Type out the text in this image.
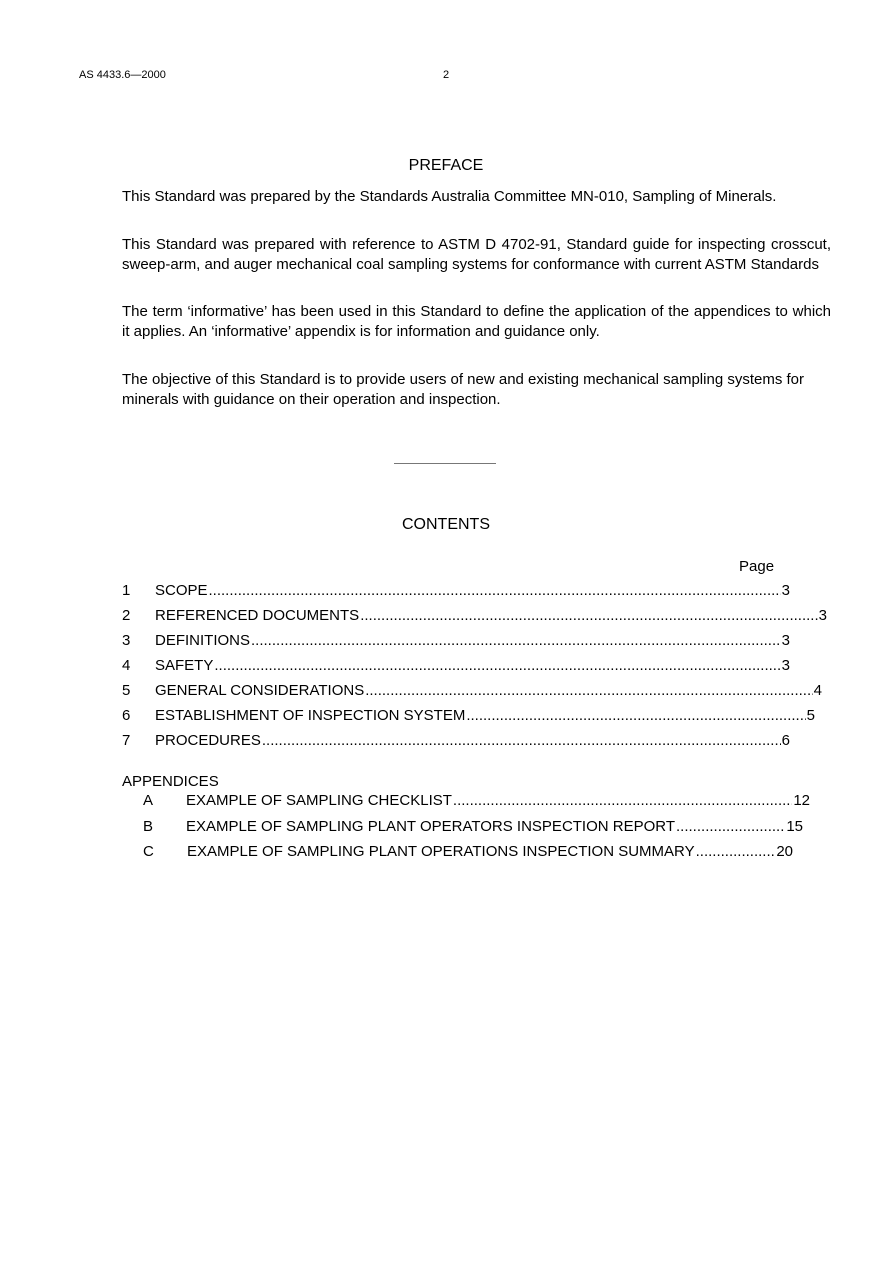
AS 4433.6—2000	2
PREFACE
This Standard was prepared by the Standards Australia Committee MN-010, Sampling of Minerals.
This Standard was prepared with reference to ASTM D 4702-91, Standard guide for inspecting crosscut, sweep-arm, and auger mechanical coal sampling systems for conformance with current ASTM Standards
The term ‘informative’ has been used in this Standard to define the application of the appendices to which it applies. An ‘informative’ appendix is for information and guidance only.
The objective of this Standard is to provide users of new and existing mechanical sampling systems for minerals with guidance on their operation and inspection.
CONTENTS
Page
1	SCOPE .....	3
2	REFERENCED DOCUMENTS .....	3
3	DEFINITIONS .....	3
4	SAFETY .....	3
5	GENERAL CONSIDERATIONS .....	4
6	ESTABLISHMENT OF INSPECTION SYSTEM .....	5
7	PROCEDURES .....	6
APPENDICES
A	EXAMPLE OF SAMPLING CHECKLIST .....	12
B	EXAMPLE OF SAMPLING PLANT OPERATORS INSPECTION REPORT .....	15
C	EXAMPLE OF SAMPLING PLANT OPERATIONS INSPECTION SUMMARY .....	20
